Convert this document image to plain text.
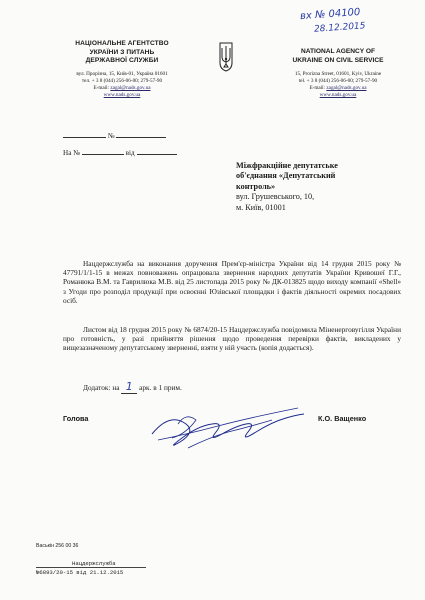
НАЦІОНАЛЬНЕ АГЕНТСТВО
УКРАЇНИ З ПИТАНЬ
ДЕРЖАВНОЇ СЛУЖБИ
вул. Прорізна, 15, Київ-01, Україна 01601
тел. + 3 8 (044) 256-06-00; 279-57-90
E-mail: zagal@nads.gov.ua
www.nads.gov.ua
NATIONAL AGENCY OF
UKRAINE ON CIVIL SERVICE
15, Prorizna Street, 01601, Kyiv, Ukraine
tel. + 3 8 (044) 256-06-00; 279-57-90
E-mail: zagal@nads.gov.ua
www.nads.gov.ua
вх № 04100
28.12.2015
№
На №	від
Міжфракційне депутатське
об'єднання «Депутатський
контроль»
вул. Грушевського, 10,
м. Київ, 01001
Нацдержслужба на виконання доручення Прем'єр-міністра України від 14 грудня 2015 року № 47791/1/1-15 в межах повноважень опрацювала звернення народних депутатів України Кривошеї Г.Г., Романюка В.М. та Гаврилюка М.В. від 25 листопада 2015 року № ДК-013825 щодо виходу компанії «Shell» з Угоди про розподіл продукції при освоєнні Юзівської площадки і фактів діяльності окремих посадових осіб.
Листом від 18 грудня 2015 року № 6874/20-15 Нацдержслужба повідомила Міненерговугілля України про готовність, у разі прийняття рішення щодо проведення перевірки фактів, викладених у вищезазначеному депутатському зверненні, взяти у ній участь (копія додається).
Додаток: на 1 арк. в 1 прим.
Голова	К.О. Ващенко
Васькін 256 00 36
Нацдержслужба
№6893/20-15 від 21.12.2015
